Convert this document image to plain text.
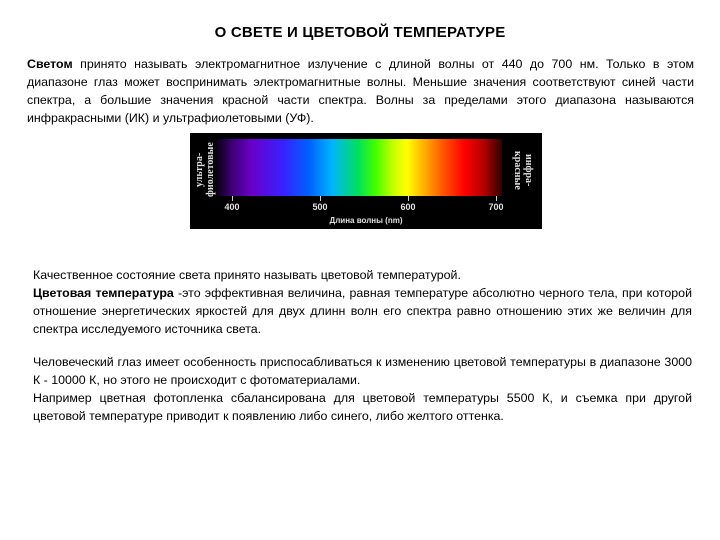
О СВЕТЕ И ЦВЕТОВОЙ ТЕМПЕРАТУРЕ
Светом принято называть электромагнитное излучение с длиной волны от 440 до 700 нм. Только в этом диапазоне глаз может воспринимать электромагнитные волны. Меньшие значения соответствуют синей части спектра, а большие значения красной части спектра. Волны за пределами этого диапазона называются инфракрасными (ИК) и ультрафиолетовыми (УФ).
ультра-фиолетовые	инфра-красные
400	500	600	700
Длина волны (nm)
Качественное состояние света принято называть цветовой температурой.
Цветовая температура -это эффективная величина, равная температуре абсолютно черного тела, при которой отношение энергетических яркостей для двух длинн волн его спектра равно отношению этих же величин для спектра исследуемого источника света.
Человеческий глаз имеет особенность приспосабливаться к изменению цветовой температуры в диапазоне 3000 К - 10000 К, но этого не происходит с фотоматериалами.
Например цветная фотопленка сбалансирована для цветовой температуры 5500 К, и съемка при другой цветовой температуре приводит к появлению либо синего, либо желтого оттенка.
